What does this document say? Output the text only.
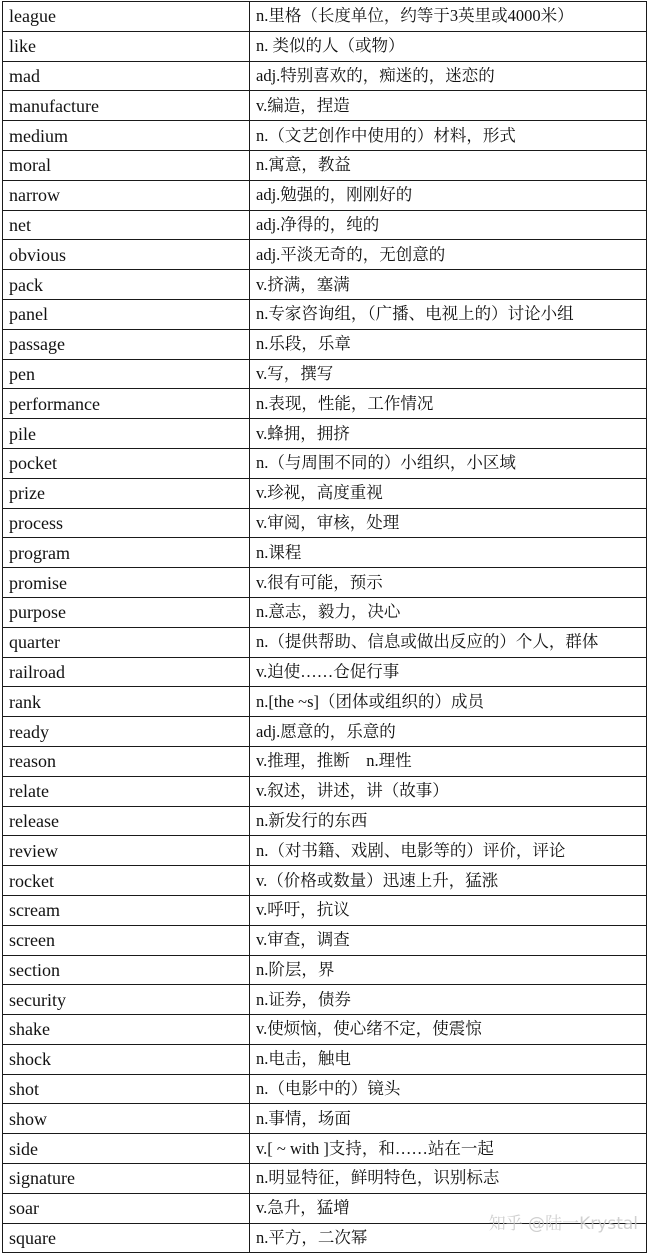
league	n.里格（长度单位，约等于3英里或4000米）
like	n. 类似的人（或物）
mad	adj.特别喜欢的，痴迷的，迷恋的
manufacture	v.编造，捏造
medium	n.（文艺创作中使用的）材料，形式
moral	n.寓意，教益
narrow	adj.勉强的，刚刚好的
net	adj.净得的，纯的
obvious	adj.平淡无奇的，无创意的
pack	v.挤满，塞满
panel	n.专家咨询组，（广播、电视上的）讨论小组
passage	n.乐段，乐章
pen	v.写，撰写
performance	n.表现，性能，工作情况
pile	v.蜂拥，拥挤
pocket	n.（与周围不同的）小组织，小区域
prize	v.珍视，高度重视
process	v.审阅，审核，处理
program	n.课程
promise	v.很有可能，预示
purpose	n.意志，毅力，决心
quarter	n.（提供帮助、信息或做出反应的）个人，群体
railroad	v.迫使……仓促行事
rank	n.[the ~s]（团体或组织的）成员
ready	adj.愿意的，乐意的
reason	v.推理，推断　n.理性
relate	v.叙述，讲述，讲（故事）
release	n.新发行的东西
review	n.（对书籍、戏剧、电影等的）评价，评论
rocket	v.（价格或数量）迅速上升，猛涨
scream	v.呼吁，抗议
screen	v.审查，调查
section	n.阶层，界
security	n.证券，债券
shake	v.使烦恼，使心绪不定，使震惊
shock	n.电击，触电
shot	n.（电影中的）镜头
show	n.事情，场面
side	v.[ ~ with ]支持，和……站在一起
signature	n.明显特征，鲜明特色，识别标志
soar	v.急升，猛增
square	n.平方，二次幂
知乎 @陆一Krystal
